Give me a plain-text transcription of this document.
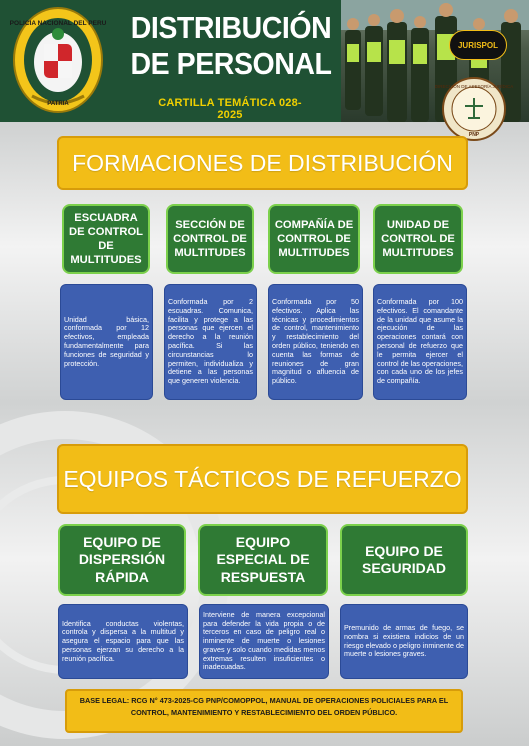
POLICIA NACIONAL DEL PERU
PATRIA
DISTRIBUCIÓN DE PERSONAL
CARTILLA TEMÁTICA 028-2025
JURISPOL
DIRECCIÓN DE ASESORÍA JURÍDICA
PNP
FORMACIONES DE DISTRIBUCIÓN
ESCUADRA DE CONTROL DE MULTITUDES
SECCIÓN DE CONTROL DE MULTITUDES
COMPAÑÍA DE CONTROL DE MULTITUDES
UNIDAD DE CONTROL DE MULTITUDES
Unidad básica, conformada por 12 efectivos, empleada fundamentalmente para funciones de seguridad y protección.
Conformada por 2 escuadras. Comunica, facilita y protege a las personas que ejercen el derecho a la reunión pacífica. Si las circunstancias lo permiten, individualiza y detiene a las personas que generen violencia.
Conformada por 50 efectivos. Aplica las técnicas y procedimientos de control, mantenimiento y restablecimiento del orden público, teniendo en cuenta las formas de reuniones de gran magnitud o afluencia de público.
Conformada por 100 efectivos. El comandante de la unidad que asume la ejecución de las operaciones contará con personal de refuerzo que le permita ejercer el control de las operaciones, con cada uno de los jefes de compañía.
EQUIPOS TÁCTICOS DE REFUERZO
EQUIPO DE DISPERSIÓN RÁPIDA
EQUIPO ESPECIAL DE RESPUESTA
EQUIPO DE SEGURIDAD
Identifica conductas violentas, controla y dispersa a la multitud y asegura el espacio para que las personas ejerzan su derecho a la reunión pacífica.
Interviene de manera excepcional para defender la vida propia o de terceros en caso de peligro real o inminente de muerte o lesiones graves y solo cuando medidas menos extremas resulten insuficientes o inadecuadas.
Premunido de armas de fuego, se nombra si existiera indicios de un riesgo elevado o peligro inminente de muerte o lesiones graves.
BASE LEGAL: RCG N° 473-2025-CG PNP/COMOPPOL, MANUAL DE OPERACIONES POLICIALES PARA EL CONTROL, MANTENIMIENTO Y RESTABLECIMIENTO DEL ORDEN PÚBLICO.
